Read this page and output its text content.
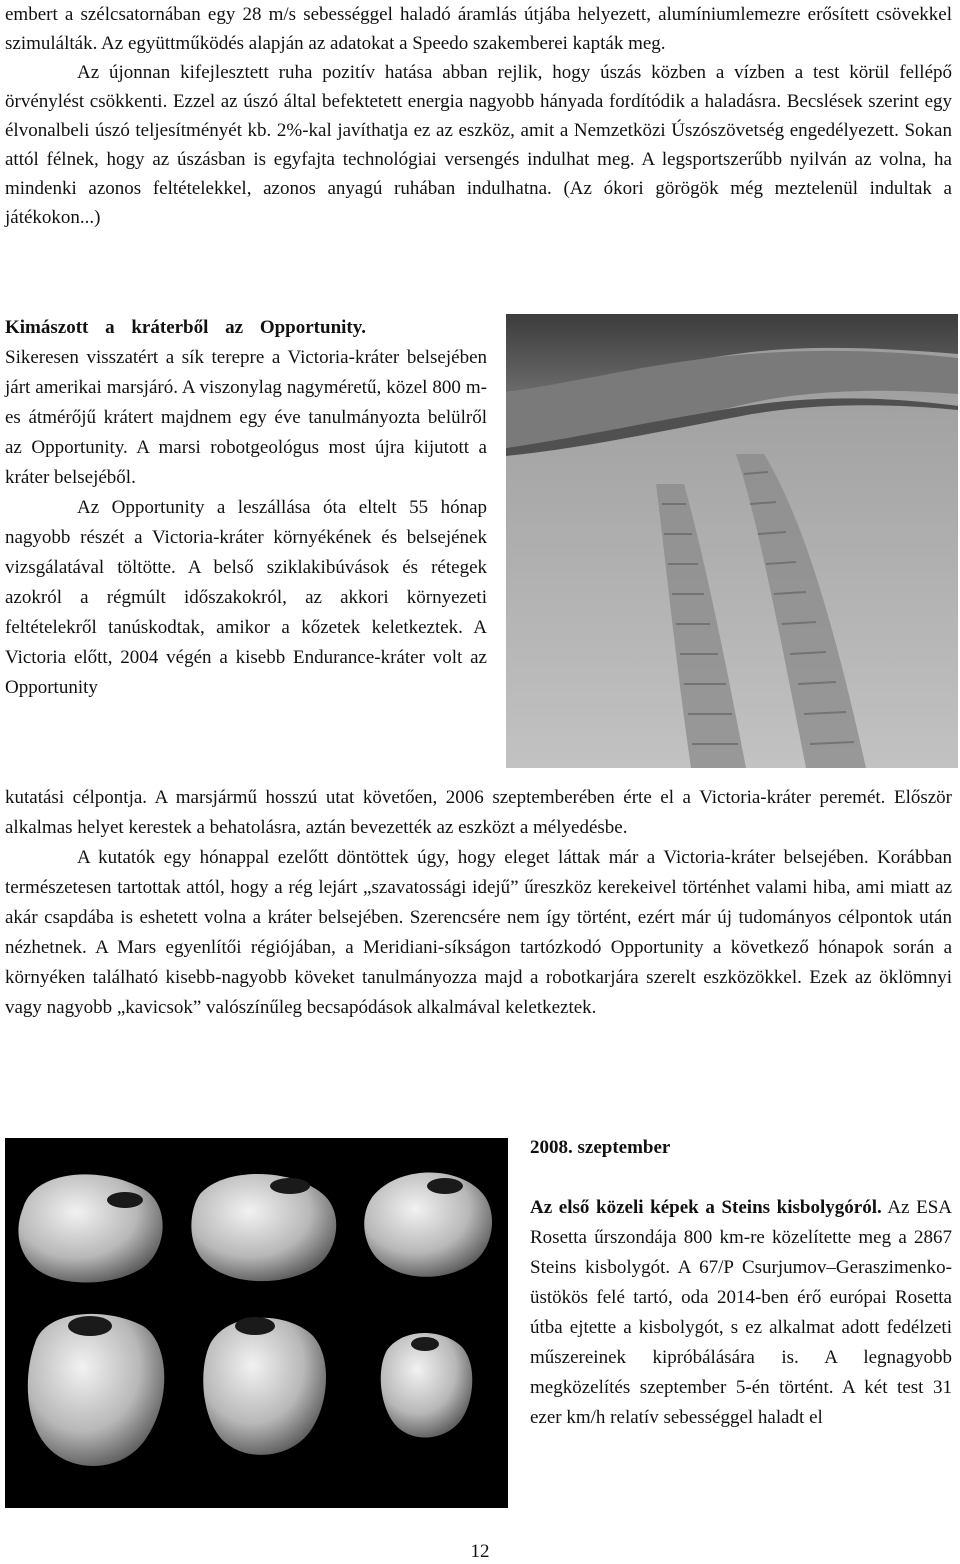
embert a szélcsatornában egy 28 m/s sebességgel haladó áramlás útjába helyezett, alumíniumlemezre erősített csövekkel szimulálták. Az együttműködés alapján az adatokat a Speedo szakemberei kapták meg.

Az újonnan kifejlesztett ruha pozitív hatása abban rejlik, hogy úszás közben a vízben a test körül fellépő örvénylést csökkenti. Ezzel az úszó által befektetett energia nagyobb hányada fordítódik a haladásra. Becslések szerint egy élvonalbeli úszó teljesítményét kb. 2%-kal javíthatja ez az eszköz, amit a Nemzetközi Úszószövetség engedélyezett. Sokan attól félnek, hogy az úszásban is egyfajta technológiai versengés indulhat meg. A legsportszerűbb nyilván az volna, ha mindenki azonos feltételekkel, azonos anyagú ruhában indulhatna. (Az ókori görögök még meztelenül indultak a játékokon...)

Kimászott a kráterből az Opportunity.

Sikeresen visszatért a sík terepre a Victoria-kráter belsejében járt amerikai marsjáró. A viszonylag nagyméretű, közel 800 m-es átmérőjű krátert majdnem egy éve tanulmányozta belülről az Opportunity. A marsi robotgeológus most újra kijutott a kráter belsejéből.

Az Opportunity a leszállása óta eltelt 55 hónap nagyobb részét a Victoria-kráter környékének és belsejének vizsgálatával töltötte. A belső sziklakibúvások és rétegek azokról a régmúlt időszakokról, az akkori környezeti feltételekről tanúskodtak, amikor a kőzetek keletkeztek. A Victoria előtt, 2004 végén a kisebb Endurance-kráter volt az Opportunity

kutatási célpontja. A marsjármű hosszú utat követően, 2006 szeptemberében érte el a Victoria-kráter peremét. Először alkalmas helyet kerestek a behatolásra, aztán bevezették az eszközt a mélyedésbe.

A kutatók egy hónappal ezelőtt döntöttek úgy, hogy eleget láttak már a Victoria-kráter belsejében. Korábban természetesen tartottak attól, hogy a rég lejárt „szavatossági idejű” űreszköz kerekeivel történhet valami hiba, ami miatt az akár csapdába is eshetett volna a kráter belsejében. Szerencsére nem így történt, ezért már új tudományos célpontok után nézhetnek. A Mars egyenlítői régiójában, a Meridiani-síkságon tartózkodó Opportunity a következő hónapok során a környéken található kisebb-nagyobb köveket tanulmányozza majd a robotkarjára szerelt eszközökkel. Ezek az öklömnyi vagy nagyobb „kavicsok” valószínűleg becsapódások alkalmával keletkeztek.

2008. szeptember

Az első közeli képek a Steins kisbolygóról. Az ESA Rosetta űrszondája 800 km-re közelítette meg a 2867 Steins kisbolygót. A 67/P Csurjumov–Geraszimenko-üstökös felé tartó, oda 2014-ben érő európai Rosetta útba ejtette a kisbolygót, s ez alkalmat adott fedélzeti műszereinek kipróbálására is. A legnagyobb megközelítés szeptember 5-én történt. A két test 31 ezer km/h relatív sebességgel haladt el

12
